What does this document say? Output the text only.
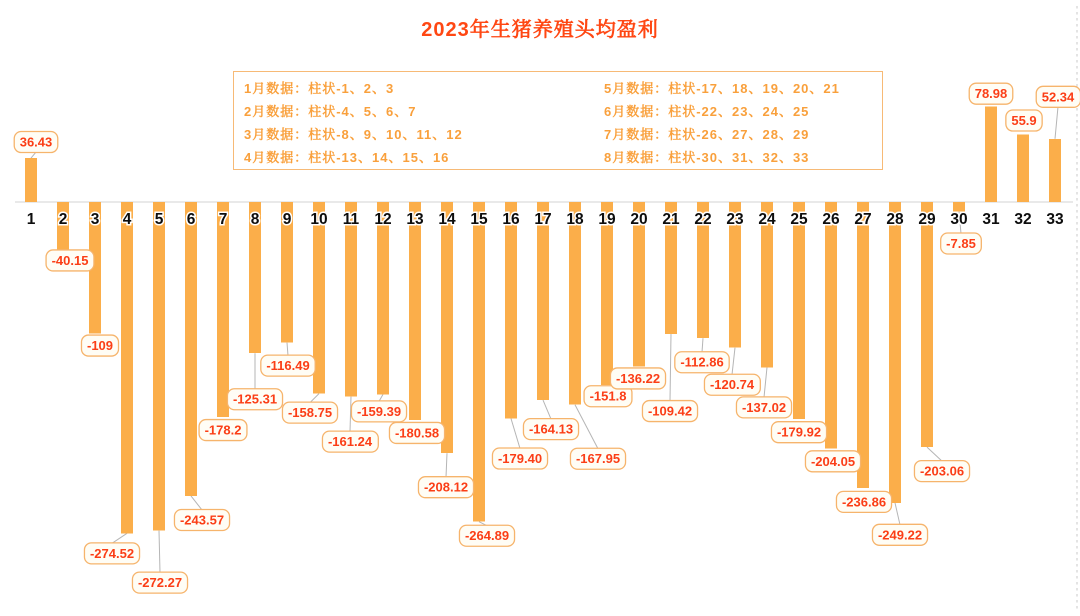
2023年生猪养殖头均盈利
1月数据：柱状-1、2、3
2月数据：柱状-4、5、6、7
3月数据：柱状-8、9、10、11、12
4月数据：柱状-13、14、15、16
5月数据：柱状-17、18、19、20、21
6月数据：柱状-22、23、24、25
7月数据：柱状-26、27、28、29
8月数据：柱状-30、31、32、33
1 2 3 4 5 6 7 8 9 10 11 12 13 14 15 16 17 18 19 20 21 22 23 24 25 26 27 28 29 30 31 32 33
36.43
-40.15
-109
-274.52
-272.27
-243.57
-178.2
-125.31
-116.49
-158.75
-161.24
-159.39
-180.58
-208.12
-264.89
-179.40
-164.13
-167.95
-151.8
-136.22
-109.42
-112.86
-120.74
-137.02
-179.92
-204.05
-236.86
-249.22
-203.06
-7.85
78.98
55.9
52.34
